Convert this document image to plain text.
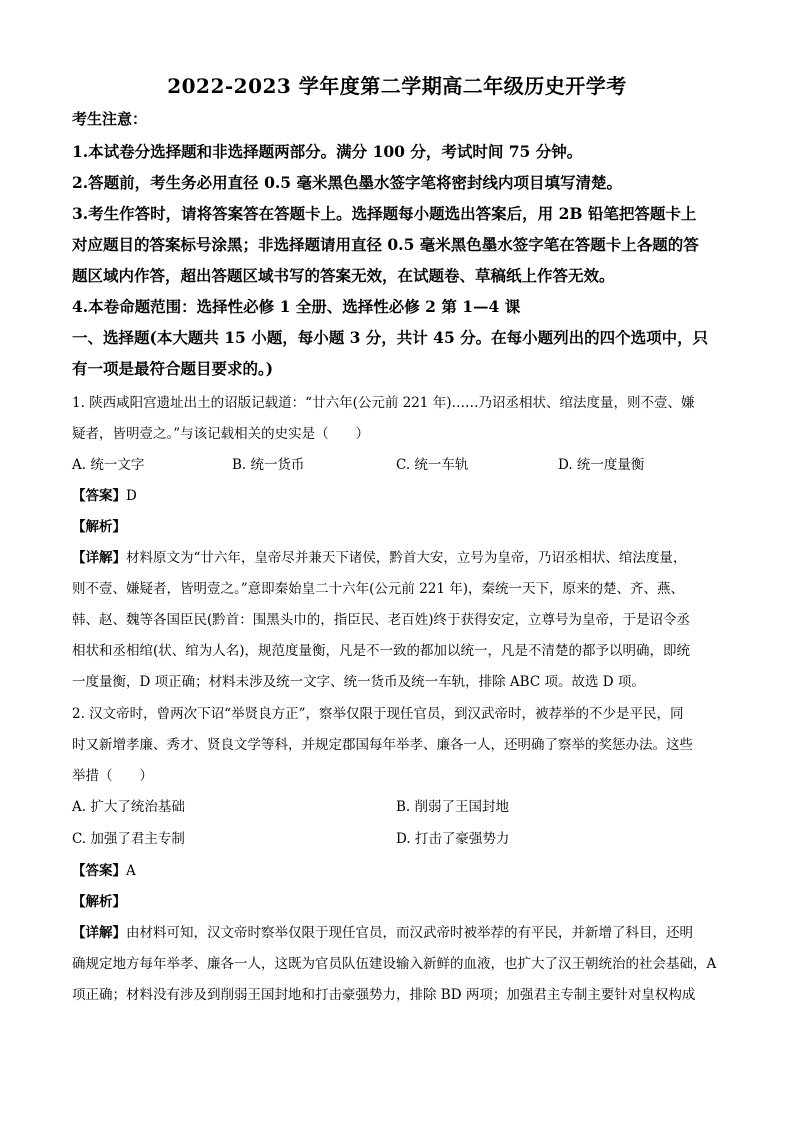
2022-2023 学年度第二学期高二年级历史开学考
考生注意：
1.本试卷分选择题和非选择题两部分。满分 100 分，考试时间 75 分钟。
2.答题前，考生务必用直径 0.5 毫米黑色墨水签字笔将密封线内项目填写清楚。
3.考生作答时，请将答案答在答题卡上。选择题每小题选出答案后，用 2B 铅笔把答题卡上
对应题目的答案标号涂黑；非选择题请用直径 0.5 毫米黑色墨水签字笔在答题卡上各题的答
题区域内作答，超出答题区域书写的答案无效，在试题卷、草稿纸上作答无效。
4.本卷命题范围：选择性必修 1 全册、选择性必修 2 第 1—4 课
一、选择题(本大题共 15 小题，每小题 3 分，共计 45 分。在每小题列出的四个选项中，只
有一项是最符合题目要求的。)
1. 陕西咸阳宫遗址出土的诏版记载道：“廿六年(公元前 221 年)……乃诏丞相状、绾法度量，则不壹、嫌
疑者，皆明壹之。”与该记载相关的史实是（　　）
A. 统一文字	B. 统一货币	C. 统一车轨	D. 统一度量衡
【答案】D
【解析】
【详解】材料原文为“廿六年，皇帝尽并兼天下诸侯，黔首大安，立号为皇帝，乃诏丞相状、绾法度量，
则不壹、嫌疑者，皆明壹之。”意即秦始皇二十六年(公元前 221 年)，秦统一天下，原来的楚、齐、燕、
韩、赵、魏等各国臣民(黔首：围黑头巾的，指臣民、老百姓)终于获得安定，立尊号为皇帝，于是诏令丞
相状和丞相绾(状、绾为人名)，规范度量衡，凡是不一致的都加以统一，凡是不清楚的都予以明确，即统
一度量衡，D 项正确；材料未涉及统一文字、统一货币及统一车轨，排除 ABC 项。故选 D 项。
2. 汉文帝时，曾两次下诏“举贤良方正”，察举仅限于现任官员，到汉武帝时，被荐举的不少是平民，同
时又新增孝廉、秀才、贤良文学等科，并规定郡国每年举孝、廉各一人，还明确了察举的奖惩办法。这些
举措（　　）
A. 扩大了统治基础	B. 削弱了王国封地
C. 加强了君主专制	D. 打击了豪强势力
【答案】A
【解析】
【详解】由材料可知，汉文帝时察举仅限于现任官员，而汉武帝时被举荐的有平民，并新增了科目，还明
确规定地方每年举孝、廉各一人，这既为官员队伍建设输入新鲜的血液，也扩大了汉王朝统治的社会基础，A
项正确；材料没有涉及到削弱王国封地和打击豪强势力，排除 BD 两项；加强君主专制主要针对皇权构成
